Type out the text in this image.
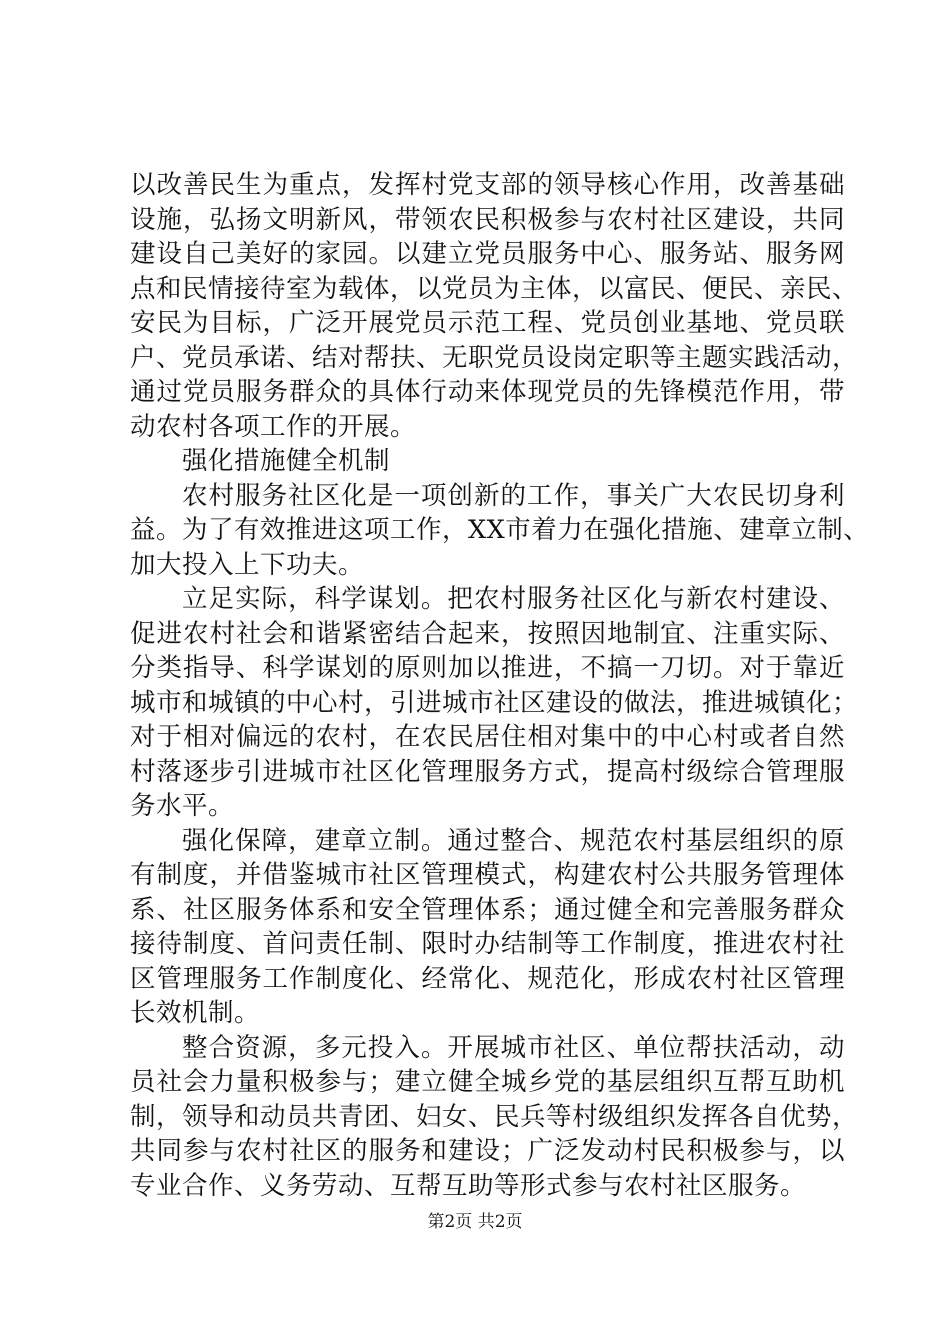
以改善民生为重点，发挥村党支部的领导核心作用，改善基础
设施，弘扬文明新风，带领农民积极参与农村社区建设，共同
建设自己美好的家园。以建立党员服务中心、服务站、服务网
点和民情接待室为载体，以党员为主体，以富民、便民、亲民、
安民为目标，广泛开展党员示范工程、党员创业基地、党员联
户、党员承诺、结对帮扶、无职党员设岗定职等主题实践活动，
通过党员服务群众的具体行动来体现党员的先锋模范作用，带
动农村各项工作的开展。
强化措施健全机制
农村服务社区化是一项创新的工作，事关广大农民切身利
益。为了有效推进这项工作，XX市着力在强化措施、建章立制、
加大投入上下功夫。
立足实际，科学谋划。把农村服务社区化与新农村建设、
促进农村社会和谐紧密结合起来，按照因地制宜、注重实际、
分类指导、科学谋划的原则加以推进，不搞一刀切。对于靠近
城市和城镇的中心村，引进城市社区建设的做法，推进城镇化；
对于相对偏远的农村，在农民居住相对集中的中心村或者自然
村落逐步引进城市社区化管理服务方式，提高村级综合管理服
务水平。
强化保障，建章立制。通过整合、规范农村基层组织的原
有制度，并借鉴城市社区管理模式，构建农村公共服务管理体
系、社区服务体系和安全管理体系；通过健全和完善服务群众
接待制度、首问责任制、限时办结制等工作制度，推进农村社
区管理服务工作制度化、经常化、规范化，形成农村社区管理
长效机制。
整合资源，多元投入。开展城市社区、单位帮扶活动，动
员社会力量积极参与；建立健全城乡党的基层组织互帮互助机
制，领导和动员共青团、妇女、民兵等村级组织发挥各自优势，
共同参与农村社区的服务和建设；广泛发动村民积极参与，以
专业合作、义务劳动、互帮互助等形式参与农村社区服务。
第2页 共2页
